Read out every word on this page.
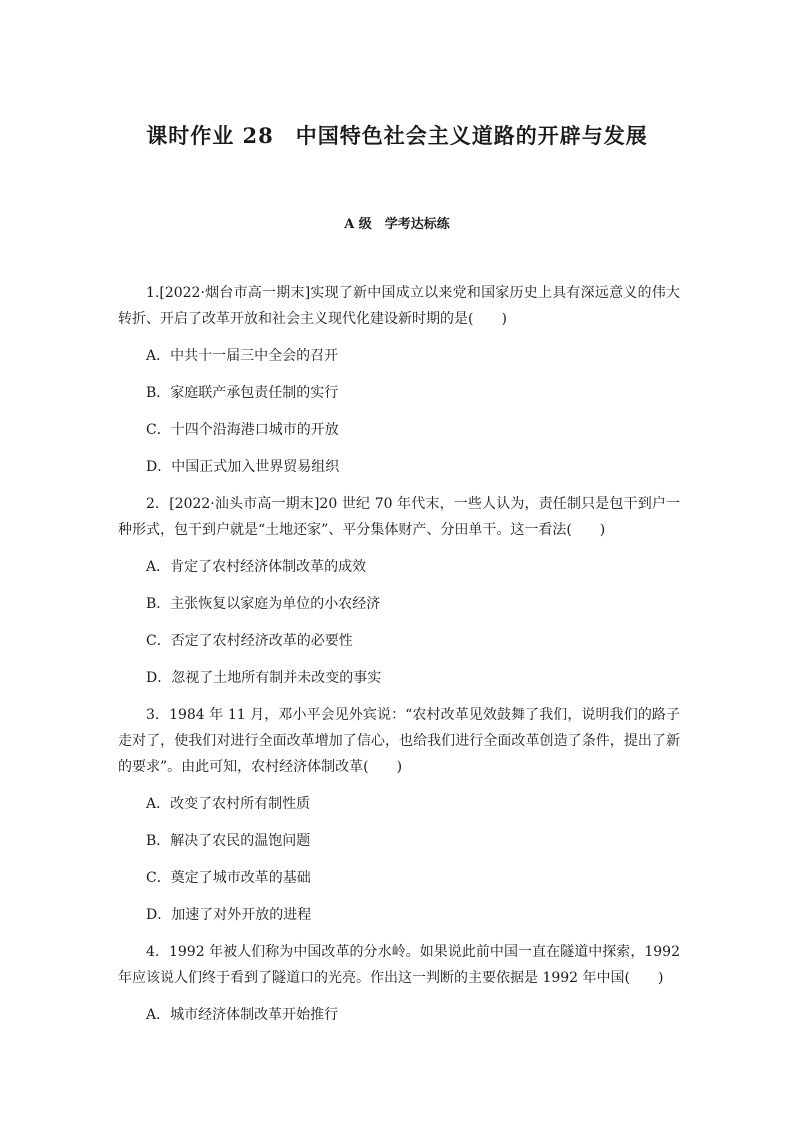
课时作业 28　中国特色社会主义道路的开辟与发展
A 级　学考达标练

1.[2022·烟台市高一期末]实现了新中国成立以来党和国家历史上具有深远意义的伟大转折、开启了改革开放和社会主义现代化建设新时期的是(　　)

A．中共十一届三中全会的召开

B．家庭联产承包责任制的实行

C．十四个沿海港口城市的开放

D．中国正式加入世界贸易组织

2．[2022·汕头市高一期末]20 世纪 70 年代末，一些人认为，责任制只是包干到户一种形式，包干到户就是“土地还家”、平分集体财产、分田单干。这一看法(　　)

A．肯定了农村经济体制改革的成效

B．主张恢复以家庭为单位的小农经济

C．否定了农村经济改革的必要性

D．忽视了土地所有制并未改变的事实

3．1984 年 11 月，邓小平会见外宾说：“农村改革见效鼓舞了我们，说明我们的路子走对了，使我们对进行全面改革增加了信心，也给我们进行全面改革创造了条件，提出了新的要求”。由此可知，农村经济体制改革(　　)

A．改变了农村所有制性质

B．解决了农民的温饱问题

C．奠定了城市改革的基础

D．加速了对外开放的进程

4．1992 年被人们称为中国改革的分水岭。如果说此前中国一直在隧道中探索，1992 年应该说人们终于看到了隧道口的光亮。作出这一判断的主要依据是 1992 年中国(　　)

A．城市经济体制改革开始推行
